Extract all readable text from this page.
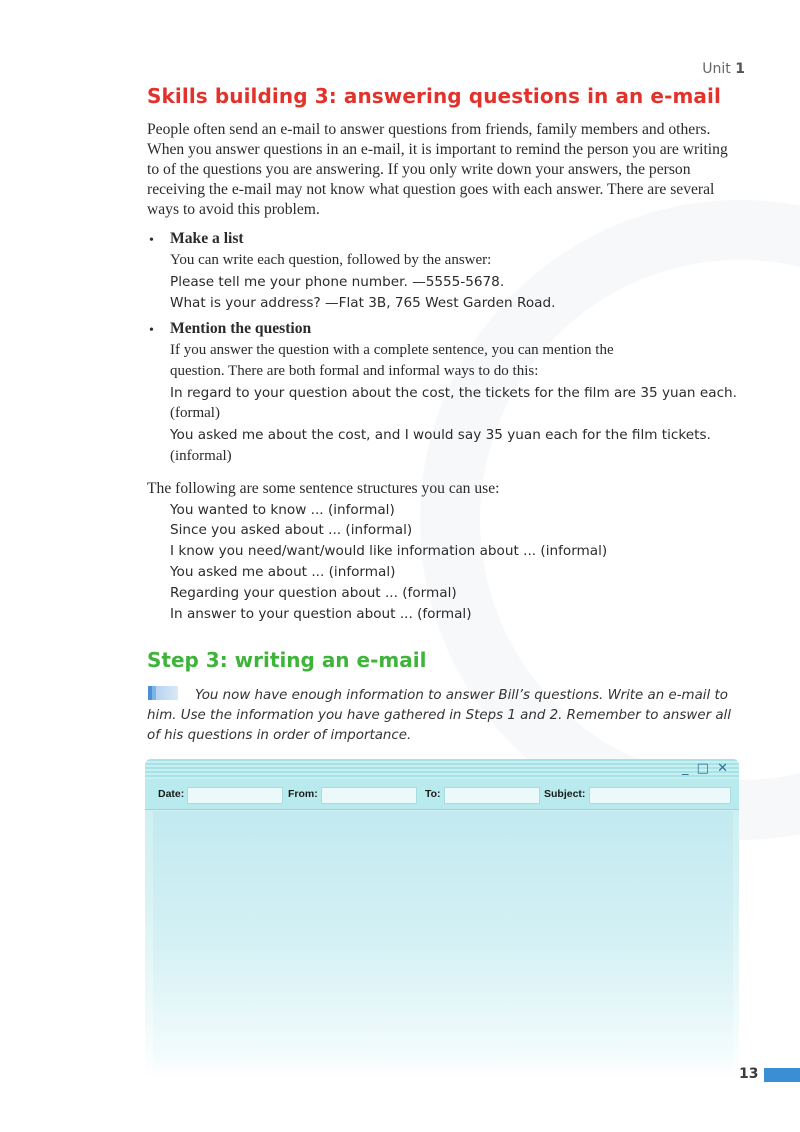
Unit 1
Skills building 3: answering questions in an e-mail

People often send an e-mail to answer questions from friends, family members and others. When you answer questions in an e-mail, it is important to remind the person you are writing to of the questions you are answering. If you only write down your answers, the person receiving the e-mail may not know what question goes with each answer. There are several ways to avoid this problem.

• Make a list
You can write each question, followed by the answer:
Please tell me your phone number. —5555-5678.
What is your address? —Flat 3B, 765 West Garden Road.
• Mention the question
If you answer the question with a complete sentence, you can mention the
question. There are both formal and informal ways to do this:
In regard to your question about the cost, the tickets for the film are 35 yuan each.
(formal)
You asked me about the cost, and I would say 35 yuan each for the film tickets.
(informal)
The following are some sentence structures you can use:
You wanted to know ... (informal)
Since you asked about ... (informal)
I know you need/want/would like information about ... (informal)
You asked me about ... (informal)
Regarding your question about ... (formal)
In answer to your question about ... (formal)
Step 3: writing an e-mail

You now have enough information to answer Bill’s questions. Write an e-mail to him. Use the information you have gathered in Steps 1 and 2. Remember to answer all of his questions in order of importance.

_ □ ✕
Date:	From:	To:	Subject:
13
